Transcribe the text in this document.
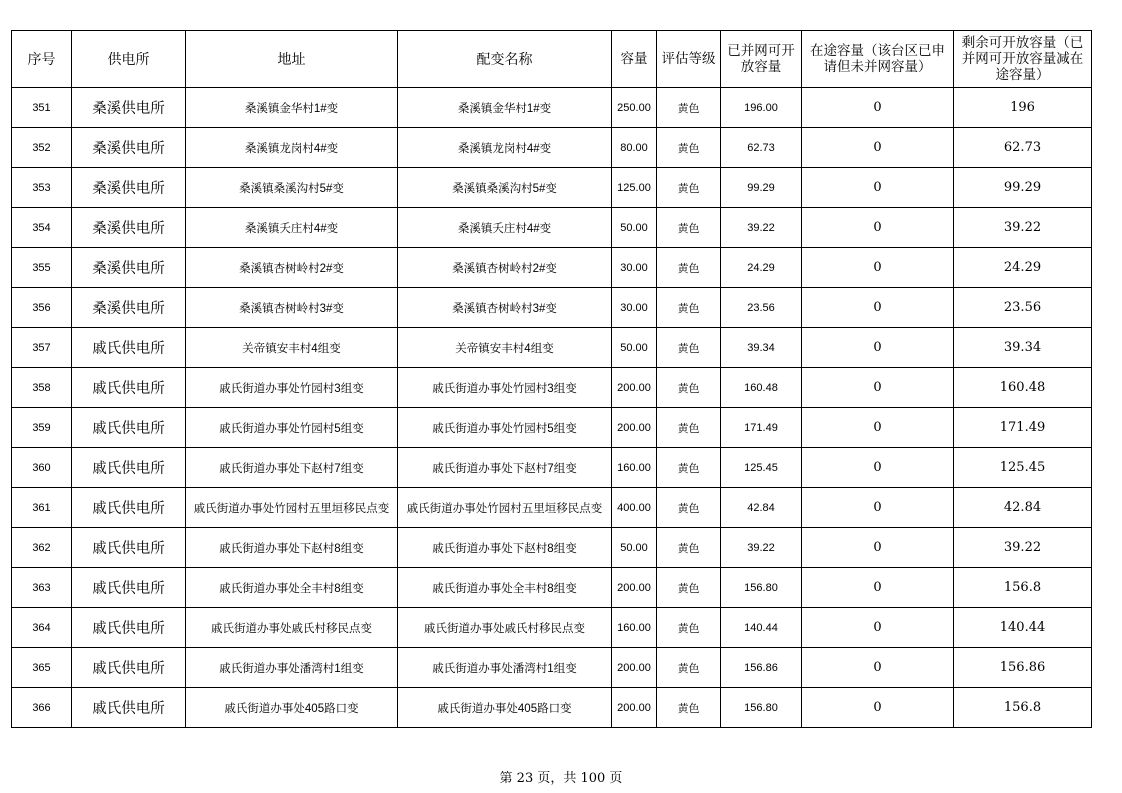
序号	供电所	地址	配变名称	容量	评估等级	已并网可开放容量	在途容量（该台区已申请但未并网容量）	剩余可开放容量（已并网可开放容量减在途容量）
351	桑溪供电所	桑溪镇金华村1#变	桑溪镇金华村1#变	250.00	黄色	196.00	0	196
352	桑溪供电所	桑溪镇龙岗村4#变	桑溪镇龙岗村4#变	80.00	黄色	62.73	0	62.73
353	桑溪供电所	桑溪镇桑溪沟村5#变	桑溪镇桑溪沟村5#变	125.00	黄色	99.29	0	99.29
354	桑溪供电所	桑溪镇夭庄村4#变	桑溪镇夭庄村4#变	50.00	黄色	39.22	0	39.22
355	桑溪供电所	桑溪镇杏树岭村2#变	桑溪镇杏树岭村2#变	30.00	黄色	24.29	0	24.29
356	桑溪供电所	桑溪镇杏树岭村3#变	桑溪镇杏树岭村3#变	30.00	黄色	23.56	0	23.56
357	戚氏供电所	关帝镇安丰村4组变	关帝镇安丰村4组变	50.00	黄色	39.34	0	39.34
358	戚氏供电所	戚氏街道办事处竹园村3组变	戚氏街道办事处竹园村3组变	200.00	黄色	160.48	0	160.48
359	戚氏供电所	戚氏街道办事处竹园村5组变	戚氏街道办事处竹园村5组变	200.00	黄色	171.49	0	171.49
360	戚氏供电所	戚氏街道办事处下赵村7组变	戚氏街道办事处下赵村7组变	160.00	黄色	125.45	0	125.45
361	戚氏供电所	戚氏街道办事处竹园村五里垣移民点变	戚氏街道办事处竹园村五里垣移民点变	400.00	黄色	42.84	0	42.84
362	戚氏供电所	戚氏街道办事处下赵村8组变	戚氏街道办事处下赵村8组变	50.00	黄色	39.22	0	39.22
363	戚氏供电所	戚氏街道办事处全丰村8组变	戚氏街道办事处全丰村8组变	200.00	黄色	156.80	0	156.8
364	戚氏供电所	戚氏街道办事处戚氏村移民点变	戚氏街道办事处戚氏村移民点变	160.00	黄色	140.44	0	140.44
365	戚氏供电所	戚氏街道办事处潘湾村1组变	戚氏街道办事处潘湾村1组变	200.00	黄色	156.86	0	156.86
366	戚氏供电所	戚氏街道办事处405路口变	戚氏街道办事处405路口变	200.00	黄色	156.80	0	156.8
第 23 页，共 100 页
